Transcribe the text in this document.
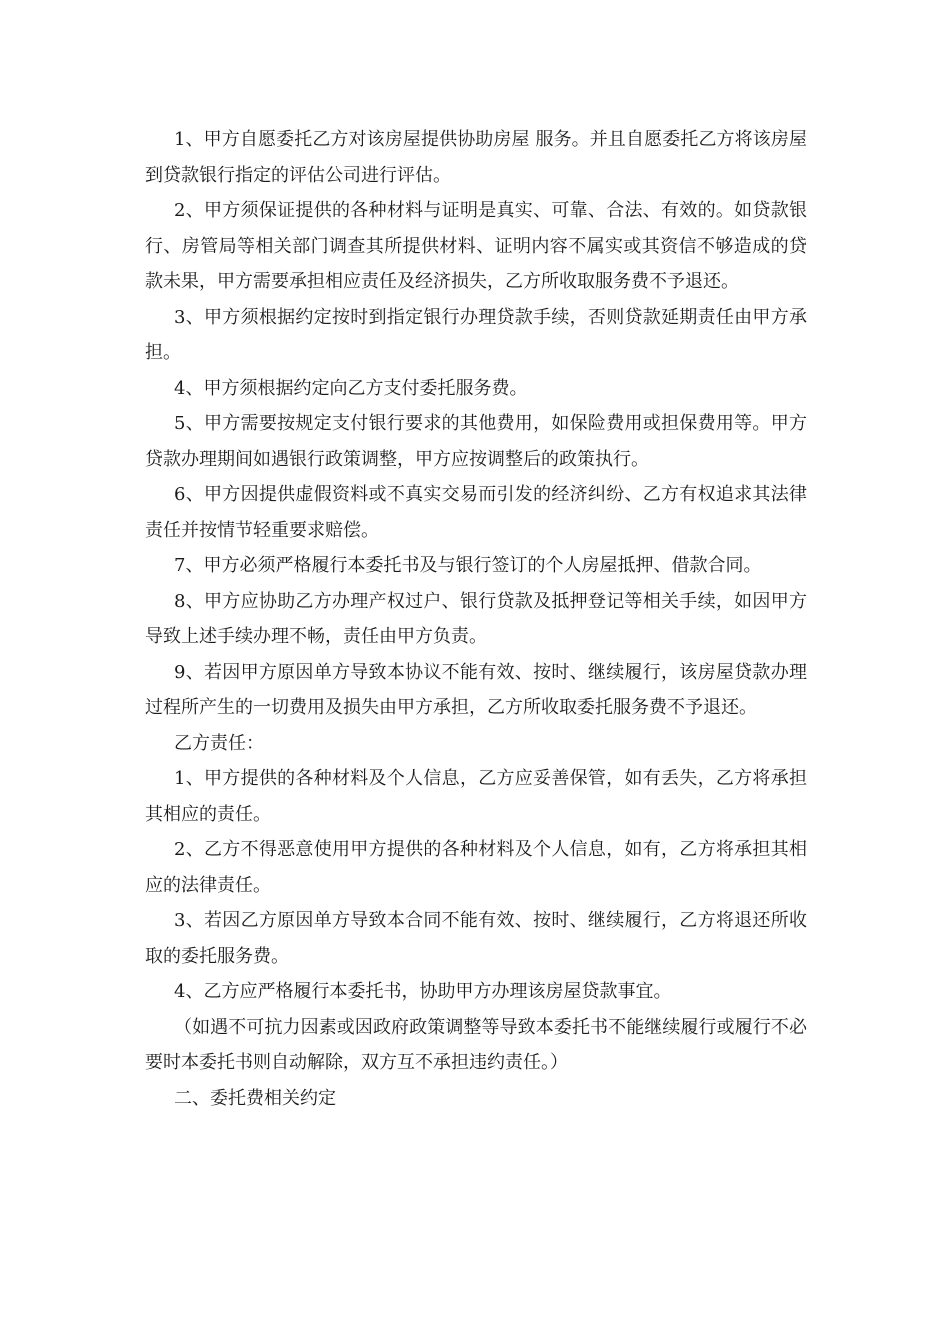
1、甲方自愿委托乙方对该房屋提供协助房屋 服务。并且自愿委托乙方将该房屋到贷款银行指定的评估公司进行评估。

2、甲方须保证提供的各种材料与证明是真实、可靠、合法、有效的。如贷款银行、房管局等相关部门调查其所提供材料、证明内容不属实或其资信不够造成的贷款未果，甲方需要承担相应责任及经济损失，乙方所收取服务费不予退还。

3、甲方须根据约定按时到指定银行办理贷款手续，否则贷款延期责任由甲方承担。

4、甲方须根据约定向乙方支付委托服务费。

5、甲方需要按规定支付银行要求的其他费用，如保险费用或担保费用等。甲方贷款办理期间如遇银行政策调整，甲方应按调整后的政策执行。

6、甲方因提供虚假资料或不真实交易而引发的经济纠纷、乙方有权追求其法律责任并按情节轻重要求赔偿。

7、甲方必须严格履行本委托书及与银行签订的个人房屋抵押、借款合同。

8、甲方应协助乙方办理产权过户、银行贷款及抵押登记等相关手续，如因甲方导致上述手续办理不畅，责任由甲方负责。

9、若因甲方原因单方导致本协议不能有效、按时、继续履行，该房屋贷款办理过程所产生的一切费用及损失由甲方承担，乙方所收取委托服务费不予退还。

乙方责任：

1、甲方提供的各种材料及个人信息，乙方应妥善保管，如有丢失，乙方将承担其相应的责任。

2、乙方不得恶意使用甲方提供的各种材料及个人信息，如有，乙方将承担其相应的法律责任。

3、若因乙方原因单方导致本合同不能有效、按时、继续履行，乙方将退还所收取的委托服务费。

4、乙方应严格履行本委托书，协助甲方办理该房屋贷款事宜。

（如遇不可抗力因素或因政府政策调整等导致本委托书不能继续履行或履行不必要时本委托书则自动解除，双方互不承担违约责任。）

二、委托费相关约定
